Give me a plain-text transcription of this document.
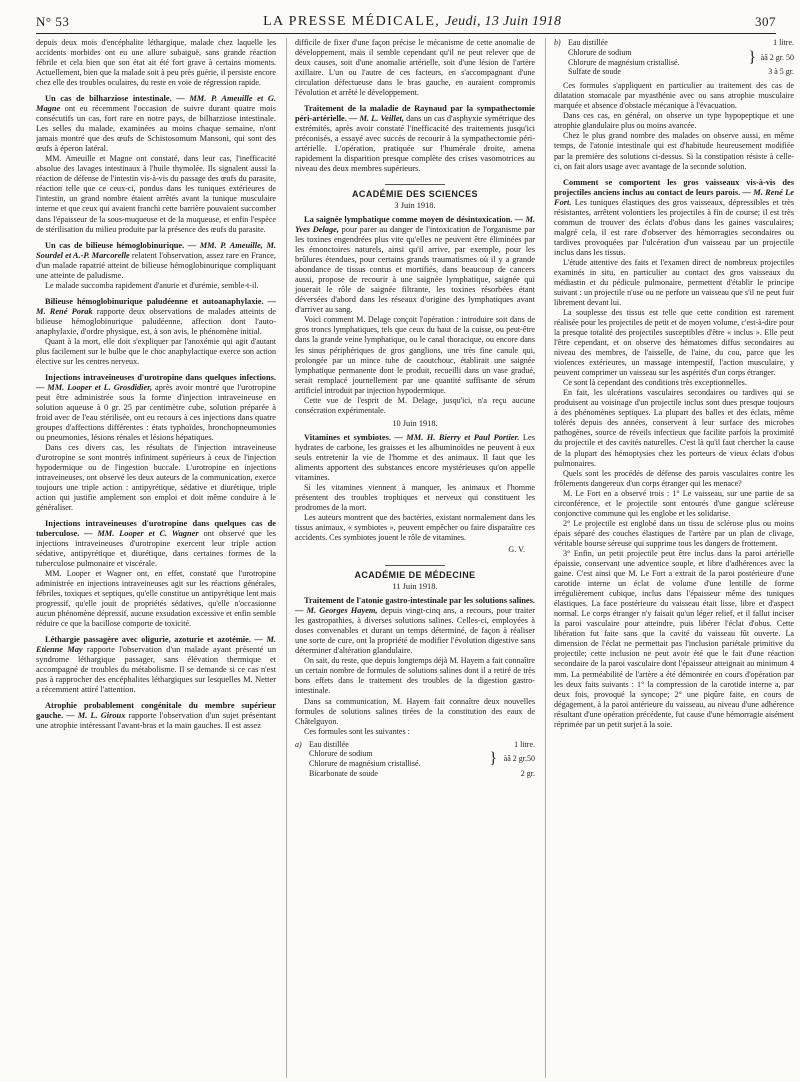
N° 53	LA PRESSE MÉDICALE, Jeudi, 13 Juin 1918	307

depuis deux mois d'encéphalite léthargique, malade chez laquelle les accidents morbides ont eu une allure subaiguë, sans grande réaction fébrile et cela bien que son état ait été fort grave à certains moments. Actuellement, bien que la malade soit à peu près guérie, il persiste encore chez elle des troubles oculaires, du reste en voie de régression rapide.

Un cas de bilharziose intestinale. — MM. P. Ameuille et G. Magne ont eu récemment l'occasion de suivre durant quatre mois consécutifs un cas, fort rare en notre pays, de bilharziose intestinale. Les selles du malade, examinées au moins chaque semaine, n'ont jamais montré que des œufs de Schistosomum Mansoni, qui sont des œufs à éperon latéral.

MM. Ameuille et Magne ont constaté, dans leur cas, l'inefficacité absolue des lavages intestinaux à l'huile thymolée. Ils signalent aussi la réaction de défense de l'intestin vis-à-vis du passage des œufs du parasite, réaction telle que ce ceux-ci, pondus dans les tuniques extérieures de l'intestin, un grand nombre étaient arrêtés avant la tunique musculaire interne et que ceux qui avaient franchi cette barrière pouvaient succomber dans l'épaisseur de la sous-muqueuse et de la muqueuse, et enfin l'espèce de stérilisation du milieu produite par la présence des œufs du parasite.

Un cas de bilieuse hémoglobinurique. — MM. P. Ameuille, M. Sourdel et A.-P. Marcorelle relatent l'observation, assez rare en France, d'un malade rapatrié atteint de bilieuse hémoglobinurique compliquant une atteinte de paludisme.

Le malade succomba rapidement d'anurie et d'urémie, semble-t-il.

Bilieuse hémoglobinurique paludéenne et autoanaphylaxie. — M. René Porak rapporte deux observations de malades atteints de bilieuse hémoglobinurique paludéenne, affection dont l'auto-anaphylaxie, d'ordre physique, est, à son avis, le phénomène initial.

Quant à la mort, elle doit s'expliquer par l'anoxémie qui agit d'autant plus facilement sur le bulbe que le choc anaphylactique exerce son action élective sur les centres nerveux.

Injections intraveineuses d'urotropine dans quelques infections. — MM. Looper et L. Grosdidier, après avoir montré que l'urotropine peut être administrée sous la forme d'injection intraveineuse en solution aqueuse à 0 gr. 25 par centimètre cube, solution préparée à froid avec de l'eau stérilisée, ont eu recours à ces injections dans quatre groupes d'affections différentes : états typhoïdes, bronchopneumonies ou pneumonies, lésions rénales et lésions hépatiques.

Dans ces divers cas, les résultats de l'injection intraveineuse d'urotropine se sont montrés infiniment supérieurs à ceux de l'injection hypodermique ou de l'ingestion buccale. L'urotropine en injections intraveineuses, ont observé les deux auteurs de la communication, exerce toujours une triple action : antipyrétique, sédative et diurétique, triple action qui justifie amplement son emploi et doit même conduire à le généraliser.

Injections intraveineuses d'urotropine dans quelques cas de tuberculose. — MM. Looper et C. Wagner ont observé que les injections intraveineuses d'urotropine exercent leur triple action sédative, antipyrétique et diurétique, dans certaines formes de la tuberculose pulmonaire et viscérale.

MM. Looper et Wagner ont, en effet, constaté que l'urotropine administrée en injections intraveineuses agit sur les réactions générales, fébriles, toxiques et septiques, qu'elle constitue un antipyrétique lent mais progressif, qu'elle jouit de propriétés sédatives, qu'elle n'occasionne aucun phénomène dépressif, aucune exsudation excessive et enfin semble réduire ce que la bacillose comporte de toxicité.

Léthargie passagère avec oligurie, azoturie et azotémie. — M. Etienne May rapporte l'observation d'un malade ayant présenté un syndrome léthargique passager, sans élévation thermique et accompagné de troubles du métabolisme. Il se demande si ce cas n'est pas à rapprocher des encéphalites léthargiques sur lesquelles M. Netter a récemment attiré l'attention.
Atrophie probablement congénitale du membre supérieur gauche. — M. L. Giroux rapporte l'observation d'un sujet présentant une atrophie intéressant l'avant-bras et la main gauches. Il est assez

difficile de fixer d'une façon précise le mécanisme de cette anomalie de développement, mais il semble cependant qu'il ne peut relever que de deux causes, soit d'une anomalie artérielle, soit d'une lésion de l'artère axillaire. L'un ou l'autre de ces facteurs, en s'accompagnant d'une circulation défectueuse dans le bras gauche, en auraient compromis l'évolution et arrêté le développement.

Traitement de la maladie de Raynaud par la sympathectomie péri-artérielle. — M. L. Veillet, dans un cas d'asphyxie symétrique des extrémités, après avoir constaté l'inefficacité des traitements jusqu'ici préconisés, a essayé avec succès de recourir à la sympathectomie péri-artérielle. L'opération, pratiquée sur l'humérale droite, amena rapidement la disparition presque complète des crises vasomotrices au niveau des deux membres supérieurs.
ACADÉMIE DES SCIENCES
3 Juin 1918.
La saignée lymphatique comme moyen de désintoxication. — M. Yves Delage, pour parer au danger de l'intoxication de l'organisme par les toxines engendrées plus vite qu'elles ne peuvent être éliminées par les émonctoires naturels, ainsi qu'il arrive, par exemple, pour les brûlures étendues, pour certains grands traumatismes où il y a grande abondance de tissus contus et mortifiés, dans beaucoup de cancers aussi, propose de recourir à une saignée lymphatique, saignée qui jouerait le rôle de saignée filtrante, les toxines résorbées étant déversées d'abord dans les réseaux d'origine des lymphatiques avant d'arriver au sang.

Voici comment M. Delage conçoit l'opération : introduire soit dans de gros troncs lymphatiques, tels que ceux du haut de la cuisse, ou peut-être dans la grande veine lymphatique, ou le canal thoracique, ou encore dans les sinus périphériques de gros ganglions, une très fine canule qui, prolongée par un mince tube de caoutchouc, établirait une saignée lymphatique permanente dont le produit, recueilli dans un vase gradué, serait remplacé journellement par une quantité suffisante de sérum artificiel introduit par injection hypodermique.

Cette vue de l'esprit de M. Delage, jusqu'ici, n'a reçu aucune consécration expérimentale.

10 Juin 1918.
Vitamines et symbiotes. — MM. H. Bierry et Paul Portier. Les hydrates de carbone, les graisses et les albuminoïdes ne peuvent à eux seuls entretenir la vie de l'homme et des animaux. Il faut que les aliments apportent des substances encore mystérieuses qu'on appelle vitamines.

Si les vitamines viennent à manquer, les animaux et l'homme présentent des troubles trophiques et nerveux qui constituent les prodromes de la mort.

Les auteurs montrent que des bactéries, existant normalement dans les tissus animaux, « symbiotes », peuvent empêcher ou faire disparaître ces accidents. Ces symbiotes jouent le rôle de vitamines.

G. V.
ACADÉMIE DE MÉDECINE
11 Juin 1918.
Traitement de l'atonie gastro-intestinale par les solutions salines. — M. Georges Hayem, depuis vingt-cinq ans, a recours, pour traiter les gastropathies, à diverses solutions salines. Celles-ci, employées à doses convenables et durant un temps déterminé, de façon à réaliser une sorte de cure, ont la propriété de modifier l'évolution digestive sans déterminer d'altération glandulaire.

On sait, du reste, que depuis longtemps déjà M. Hayem a fait connaître un certain nombre de formules de solutions salines dont il a retiré de très bons effets dans le traitement des troubles de la digestion gastro-intestinale.

Dans sa communication, M. Hayem fait connaître deux nouvelles formules de solutions salines tirées de la constitution des eaux de Châtelguyon.

Ces formules sont les suivantes :

a) Eau distillée	1 litre.
Chlorure de sodium
Chlorure de magnésium cristallisé.	} àâ 2 gr.50
Bicarbonate de soude	2 gr.
b) Eau distillée	1 litre.
Chlorure de sodium
Chlorure de magnésium cristallisé.	} àâ 2 gr. 50
Sulfate de soude	3 à 5 gr.

Ces formules s'appliquent en particulier au traitement des cas de dilatation stomacale par myasthénie avec ou sans atrophie musculaire marquée et absence d'obstacle mécanique à l'évacuation.

Dans ces cas, en général, on observe un type hypopeptique et une atrophie glandulaire plus ou moins avancée.

Chez le plus grand nombre des malades on observe aussi, en même temps, de l'atonie intestinale qui est d'habitude heureusement modifiée par la première des solutions ci-dessus. Si la constipation résiste à celle-ci, on fait alors usage avec avantage de la seconde solution.

Comment se comportent les gros vaisseaux vis-à-vis des projectiles anciens inclus au contact de leurs parois. — M. René Le Fort. Les tuniques élastiques des gros vaisseaux, dépressibles et très résistantes, arrêtent volontiers les projectiles à fin de course; il est très commun de trouver des éclats d'obus dans les gaines vasculaires; malgré cela, il est rare d'observer des hémorragies secondaires ou tardives provoquées par l'ulcération d'un vaisseau par un projectile inclus dans les tissus.

L'étude attentive des faits et l'examen direct de nombreux projectiles examinés in situ, en particulier au contact des gros vaisseaux du médiastin et du pédicule pulmonaire, permettent d'établir le principe suivant : un projectile n'use ou ne perfore un vaisseau que s'il ne peut fuir librement devant lui.

La souplesse des tissus est telle que cette condition est rarement réalisée pour les projectiles de petit et de moyen volume, c'est-à-dire pour la presque totalité des projectiles susceptibles d'être « inclus ». Elle peut l'être cependant, et on observe des hématomes diffus secondaires au niveau des membres, de l'aisselle, de l'aine, du cou, parce que les violences extérieures, un massage intempestif, l'action musculaire, y peuvent comprimer un vaisseau sur les aspérités d'un corps étranger.

Ce sont là cependant des conditions très exceptionnelles.

En fait, les ulcérations vasculaires secondaires ou tardives qui se produisent au voisinage d'un projectile inclus sont dues presque toujours à des phénomènes septiques. La plupart des balles et des éclats, même tolérés depuis des années, conservent à leur surface des microbes pathogènes, source de réveils infectieux que facilite parfois la proximité du projectile et des cavités naturelles. C'est là qu'il faut chercher la cause de la plupart des hémoptysies chez les porteurs de vieux éclats d'obus pulmonaires.

Quels sont les procédés de défense des parois vasculaires contre les frôlements dangereux d'un corps étranger qui les menace?

M. Le Fort en a observé trois : 1° Le vaisseau, sur une partie de sa circonférence, et le projectile sont entourés d'une gangue scléreuse conjonctive commune qui les englobe et les solidarise.

2° Le projectile est englobé dans un tissu de sclérose plus ou moins épais séparé des couches élastiques de l'artère par un plan de clivage, véritable bourse séreuse qui supprime tous les dangers de frottement.

3° Enfin, un petit projectile peut être inclus dans la paroi artérielle épaissie, conservant une adventice souple, et libre d'adhérences avec la gaine. C'est ainsi que M. Le Fort a extrait de la paroi postérieure d'une carotide interne un éclat de volume d'une lentille de forme irrégulièrement cubique, inclus dans l'épaisseur même des tuniques élastiques. La face postérieure du vaisseau était lisse, libre et d'aspect normal. Le corps étranger n'y faisait qu'un léger relief, et il fallut inciser la paroi vasculaire pour atteindre, puis libérer l'éclat d'obus. Cette libération fut faite sans que la cavité du vaisseau fût ouverte. La dimension de l'éclat ne permettait pas l'inclusion pariétale primitive du projectile; cette inclusion ne peut avoir été que le fait d'une réaction secondaire de la paroi vasculaire dont l'épaisseur atteignait au minimum 4 mm. La perméabilité de l'artère a été démontrée en cours d'opération par les deux faits suivants : 1° la compression de la carotide interne a, par deux fois, provoqué la syncope; 2° une piqûre faite, en cours de dégagement, à la paroi antérieure du vaisseau, au niveau d'une adhérence résultant d'une opération précédente, fut cause d'une hémorragie aisément réprimée par un petit surjet à la soie.
